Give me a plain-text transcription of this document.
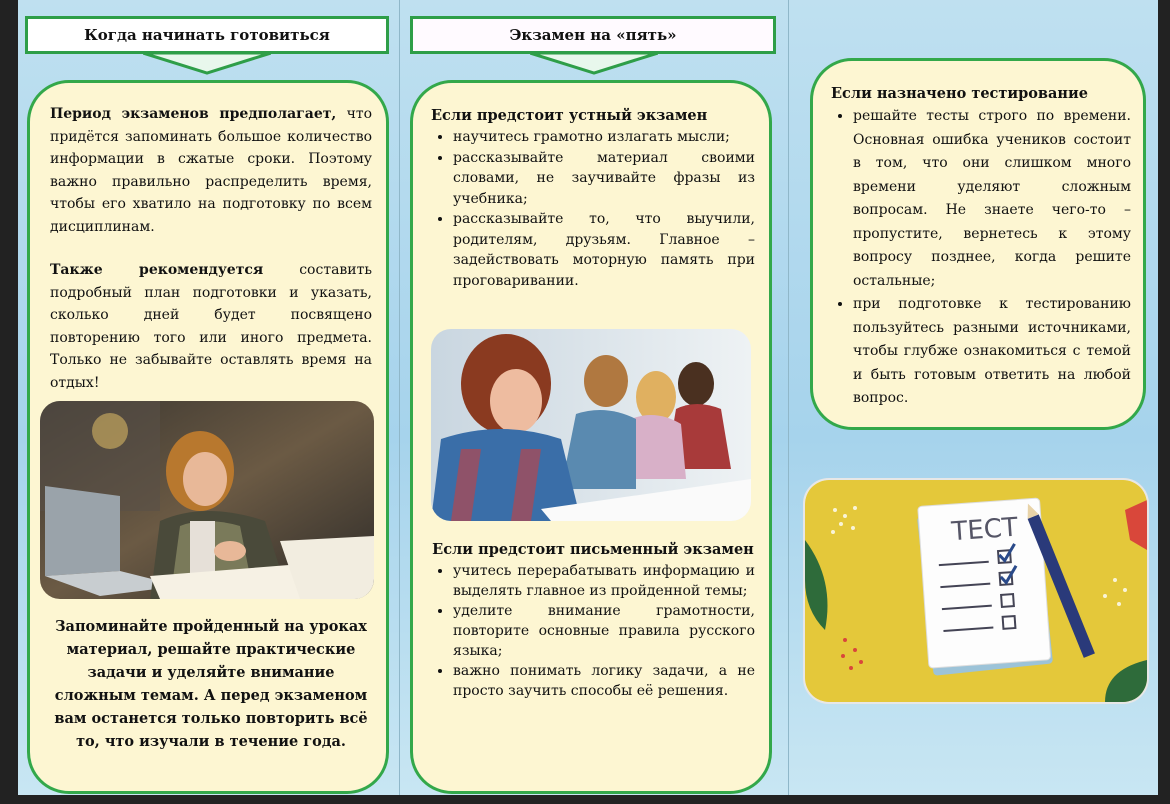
Когда начинать готовиться
Период экзаменов предполагает, что придётся запоминать большое количество информации в сжатые сроки. Поэтому важно правильно распределить время, чтобы его хватило на подготовку по всем дисциплинам.
Также рекомендуется составить подробный план подготовки и указать, сколько дней будет посвящено повторению того или иного предмета. Только не забывайте оставлять время на отдых!
Запоминайте пройденный на уроках материал, решайте практические задачи и уделяйте внимание сложным темам. А перед экзаменом вам останется только повторить всё то, что изучали в течение года.
Экзамен на «пять»
Если предстоит устный экзамен
• научитесь грамотно излагать мысли;
• рассказывайте материал своими словами, не заучивайте фразы из учебника;
• рассказывайте то, что выучили, родителям, друзьям. Главное – задействовать моторную память при проговаривании.
Если предстоит письменный экзамен
• учитесь перерабатывать информацию и выделять главное из пройденной темы;
• уделите внимание грамотности, повторите основные правила русского языка;
• важно понимать логику задачи, а не просто заучить способы её решения.
Если назначено тестирование
• решайте тесты строго по времени. Основная ошибка учеников состоит в том, что они слишком много времени уделяют сложным вопросам. Не знаете чего-то – пропустите, вернетесь к этому вопросу позднее, когда решите остальные;
• при подготовке к тестированию пользуйтесь разными источниками, чтобы глубже ознакомиться с темой и быть готовым ответить на любой вопрос.
ТЕСТ
